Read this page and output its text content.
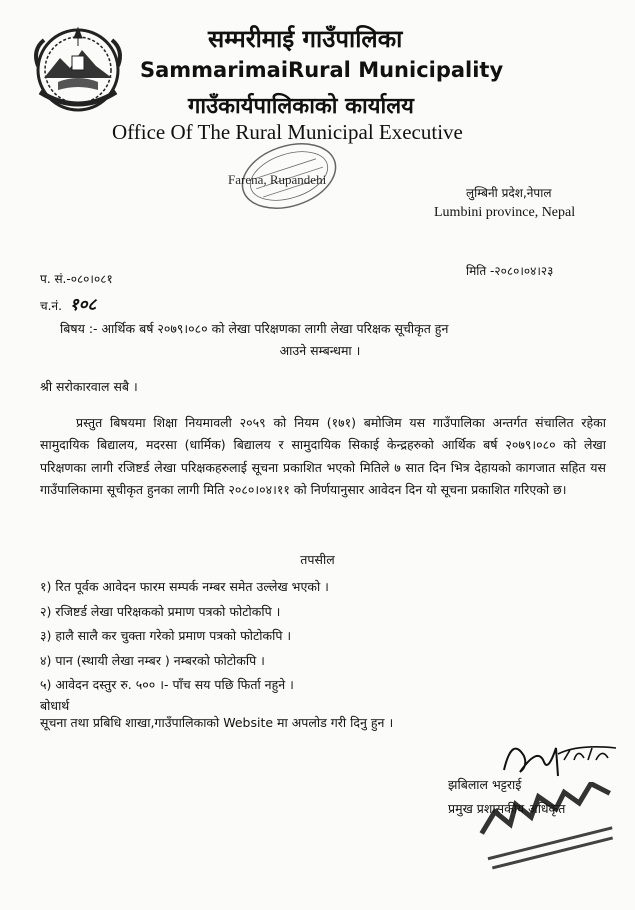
सम्मरीमाई गाउँपालिका
SammarimaiRural Municipality
गाउँकार्यपालिकाको कार्यालय
Office Of The Rural Municipal Executive
Farena, Rupandehi
लुम्बिनी प्रदेश,नेपाल
Lumbini province, Nepal
मिति -२०८०।०४।२३
प. सं.-०८०।०८१
च.नं. १०८
बिषय :- आर्थिक बर्ष २०७९।०८० को लेखा परिक्षणका लागी लेखा परिक्षक सूचीकृत हुन
आउने सम्बन्धमा ।
श्री सरोकारवाल सबै ।

प्रस्तुत बिषयमा शिक्षा नियमावली २०५९ को नियम (१७१) बमोजिम यस गाउँपालिका अन्तर्गत संचालित रहेका सामुदायिक बिद्यालय, मदरसा (धार्मिक) बिद्यालय र सामुदायिक सिकाई केन्द्रहरुको आर्थिक बर्ष २०७९।०८० को लेखा परिक्षणका लागी रजिष्टर्ड लेखा परिक्षकहरुलाई सूचना प्रकाशित भएको मितिले ७ सात दिन भित्र देहायको कागजात सहित यस गाउँपालिकामा सूचीकृत हुनका लागी मिति २०८०।०४।११ को निर्णयानुसार आवेदन दिन यो सूचना प्रकाशित गरिएको छ।

तपसील
१) रित पूर्वक आवेदन फारम सम्पर्क नम्बर समेत उल्लेख भएको ।
२) रजिष्टर्ड लेखा परिक्षकको प्रमाण पत्रको फोटोकपि ।
३) हालै सालै कर चुक्ता गरेको प्रमाण पत्रको फोटोकपि ।
४) पान (स्थायी लेखा नम्बर ) नम्बरको फोटोकपि ।
५) आवेदन दस्तुर रु. ५०० ।- पाँच सय पछि फिर्ता नहुने ।
बोधार्थ
सूचना तथा प्रबिधि शाखा,गाउँपालिकाको Website मा अपलोड गरी दिनु हुन ।
झबिलाल भट्टराई
प्रमुख प्रशासकीय अधिकृत
